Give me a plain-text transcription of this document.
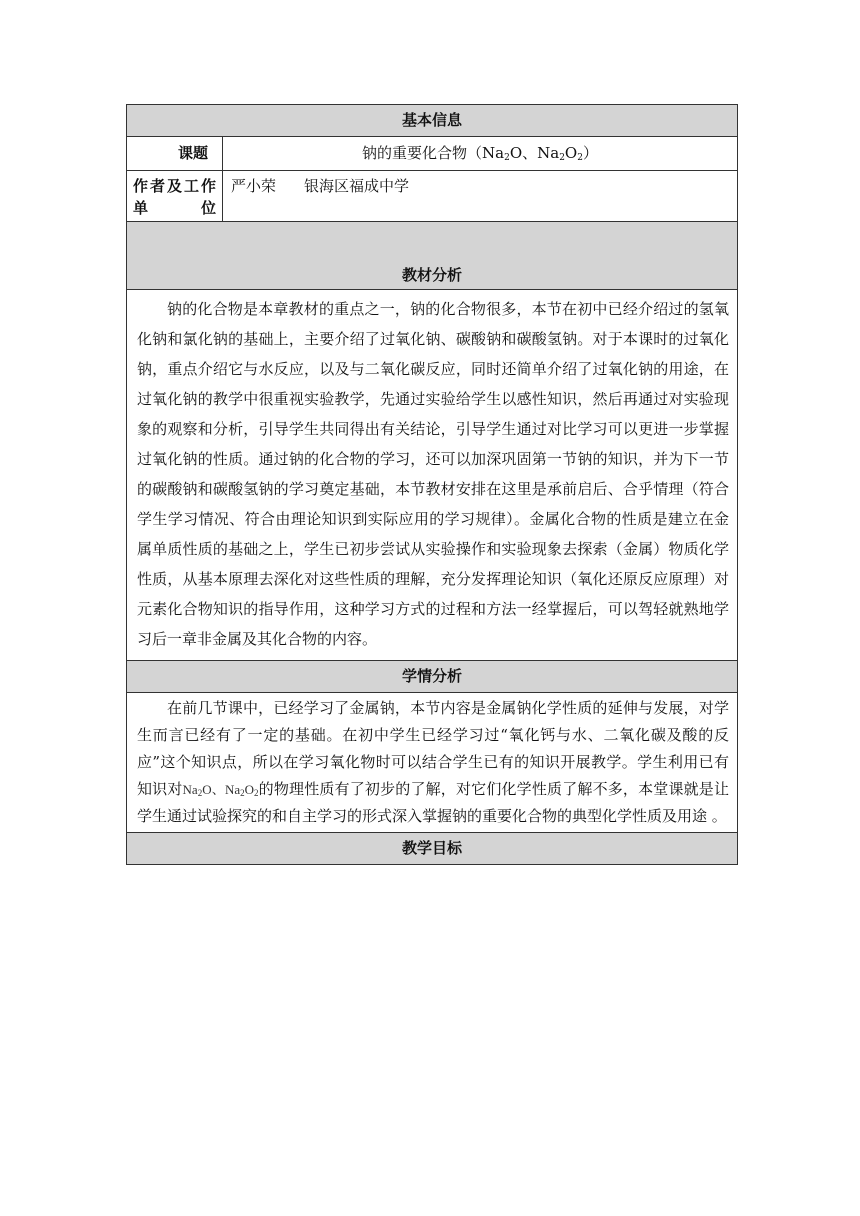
基本信息	
课题	钠的重要化合物（$Na_2O$、$Na_2O_2$）
作者及工作单位	严小荣 银海区福成中学
教材分析	

钠的化合物是本章教材的重点之一，钠的化合物很多，本节在初中已经介绍过的氢氧化钠和氯化钠的基础上，主要介绍了过氧化钠、碳酸钠和碳酸氢钠。对于本课时的过氧化钠，重点介绍它与水反应，以及与二氧化碳反应，同时还简单介绍了过氧化钠的用途，在过氧化钠的教学中很重视实验教学，先通过实验给学生以感性知识，然后再通过对实验现象的观察和分析，引导学生共同得出有关结论，引导学生通过对比学习可以更进一步掌握过氧化钠的性质。通过钠的化合物的学习，还可以加深巩固第一节钠的知识，并为下一节的碳酸钠和碳酸氢钠的学习奠定基础，本节教材安排在这里是承前启后、合乎情理（符合学生学习情况、符合由理论知识到实际应用的学习规律）。金属化合物的性质是建立在金属单质性质的基础之上，学生已初步尝试从实验操作和实验现象去探索（金属）物质化学性质，从基本原理去深化对这些性质的理解，充分发挥理论知识（氧化还原反应原理）对元素化合物知识的指导作用，这种学习方式的过程和方法一经掌握后，可以驾轻就熟地学习后一章非金属及其化合物的内容。	

学情分析	

在前几节课中，已经学习了金属钠，本节内容是金属钠化学性质的延伸与发展，对学生而言已经有了一定的基础。在初中学生已经学习过“氧化钙与水、二氧化碳及酸的反应”这个知识点，所以在学习氧化物时可以结合学生已有的知识开展教学。学生利用已有知识对$Na_2O$、$Na_2O_2$的物理性质有了初步的了解，对它们化学性质了解不多，本堂课就是让学生通过试验探究的和自主学习的形式深入掌握钠的重要化合物的典型化学性质及用途 。	

教学目标	
